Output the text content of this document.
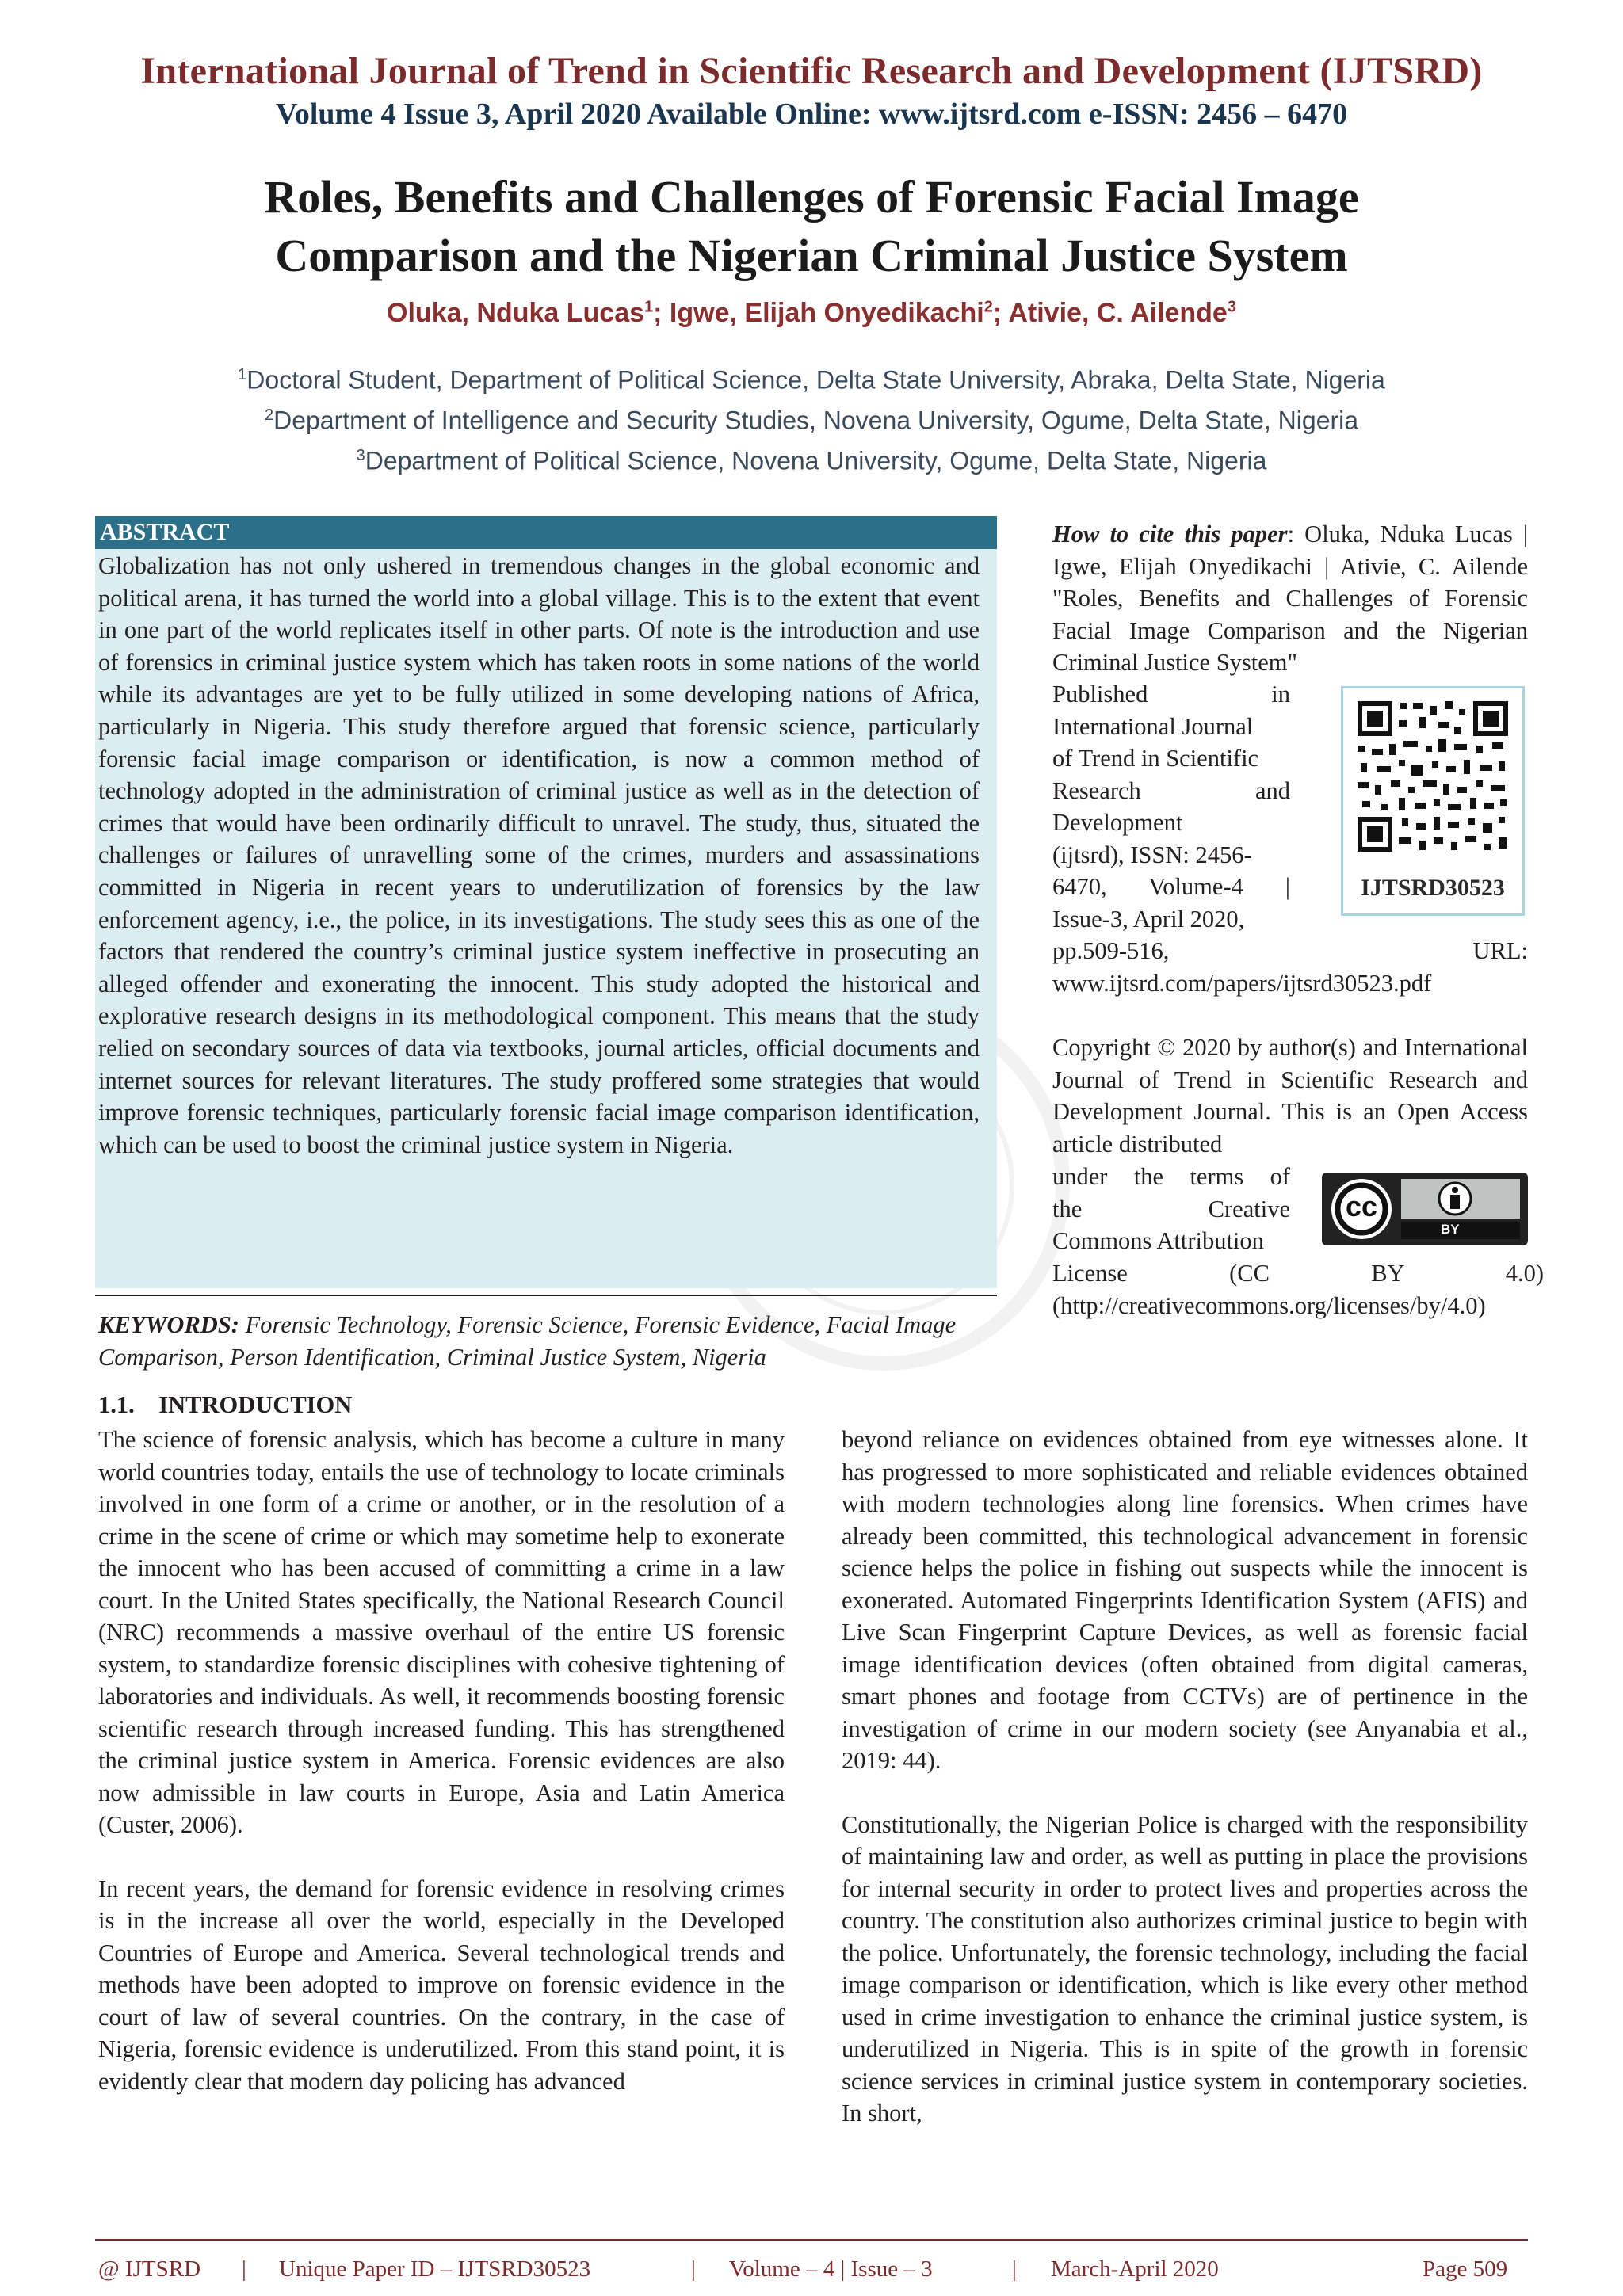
International Journal of Trend in Scientific Research and Development (IJTSRD)
Volume 4 Issue 3, April 2020 Available Online: www.ijtsrd.com e-ISSN: 2456 – 6470
Roles, Benefits and Challenges of Forensic Facial Image
Comparison and the Nigerian Criminal Justice System
Oluka, Nduka Lucas$^1$; Igwe, Elijah Onyedikachi$^2$; Ativie, C. Ailende$^3$
$^1$Doctoral Student, Department of Political Science, Delta State University, Abraka, Delta State, Nigeria
$^2$Department of Intelligence and Security Studies, Novena University, Ogume, Delta State, Nigeria
$^3$Department of Political Science, Novena University, Ogume, Delta State, Nigeria
ABSTRACT
Globalization has not only ushered in tremendous changes in the global economic and political arena, it has turned the world into a global village. This is to the extent that event in one part of the world replicates itself in other parts. Of note is the introduction and use of forensics in criminal justice system which has taken roots in some nations of the world while its advantages are yet to be fully utilized in some developing nations of Africa, particularly in Nigeria. This study therefore argued that forensic science, particularly forensic facial image comparison or identification, is now a common method of technology adopted in the administration of criminal justice as well as in the detection of crimes that would have been ordinarily difficult to unravel. The study, thus, situated the challenges or failures of unravelling some of the crimes, murders and assassinations committed in Nigeria in recent years to underutilization of forensics by the law enforcement agency, i.e., the police, in its investigations. The study sees this as one of the factors that rendered the country’s criminal justice system ineffective in prosecuting an alleged offender and exonerating the innocent. This study adopted the historical and explorative research designs in its methodological component. This means that the study relied on secondary sources of data via textbooks, journal articles, official documents and internet sources for relevant literatures. The study proffered some strategies that would improve forensic techniques, particularly forensic facial image comparison identification, which can be used to boost the criminal justice system in Nigeria.
KEYWORDS: Forensic Technology, Forensic Science, Forensic Evidence, Facial Image Comparison, Person Identification, Criminal Justice System, Nigeria
How to cite this paper: Oluka, Nduka Lucas | Igwe, Elijah Onyedikachi | Ativie, C. Ailende "Roles, Benefits and Challenges of Forensic Facial Image Comparison and the Nigerian Criminal Justice System"
Published in
International Journal
of Trend in Scientific
Research and
Development
(ijtsrd), ISSN: 2456-
6470, Volume-4 |
Issue-3, April 2020,
pp.509-516, URL:
www.ijtsrd.com/papers/ijtsrd30523.pdf
IJTSRD30523
Copyright © 2020 by author(s) and International Journal of Trend in Scientific Research and Development Journal. This is an Open Access article distributed
under the terms of
the Creative
Commons Attribution
License (CC BY 4.0) (http://creativecommons.org/licenses/by/4.0)
cc
BY
1.1.    INTRODUCTION

The science of forensic analysis, which has become a culture in many world countries today, entails the use of technology to locate criminals involved in one form of a crime or another, or in the resolution of a crime in the scene of crime or which may sometime help to exonerate the innocent who has been accused of committing a crime in a law court. In the United States specifically, the National Research Council (NRC) recommends a massive overhaul of the entire US forensic system, to standardize forensic disciplines with cohesive tightening of laboratories and individuals. As well, it recommends boosting forensic scientific research through increased funding. This has strengthened the criminal justice system in America. Forensic evidences are also now admissible in law courts in Europe, Asia and Latin America (Custer, 2006).

In recent years, the demand for forensic evidence in resolving crimes is in the increase all over the world, especially in the Developed Countries of Europe and America. Several technological trends and methods have been adopted to improve on forensic evidence in the court of law of several countries. On the contrary, in the case of Nigeria, forensic evidence is underutilized. From this stand point, it is evidently clear that modern day policing has advanced

beyond reliance on evidences obtained from eye witnesses alone. It has progressed to more sophisticated and reliable evidences obtained with modern technologies along line forensics. When crimes have already been committed, this technological advancement in forensic science helps the police in fishing out suspects while the innocent is exonerated. Automated Fingerprints Identification System (AFIS) and Live Scan Fingerprint Capture Devices, as well as forensic facial image identification devices (often obtained from digital cameras, smart phones and footage from CCTVs) are of pertinence in the investigation of crime in our modern society (see Anyanabia et al., 2019: 44).

Constitutionally, the Nigerian Police is charged with the responsibility of maintaining law and order, as well as putting in place the provisions for internal security in order to protect lives and properties across the country. The constitution also authorizes criminal justice to begin with the police. Unfortunately, the forensic technology, including the facial image comparison or identification, which is like every other method used in crime investigation to enhance the criminal justice system, is underutilized in Nigeria. This is in spite of the growth in forensic science services in criminal justice system in contemporary societies. In short,

@ IJTSRD | Unique Paper ID – IJTSRD30523	| Volume – 4 | Issue – 3	| March-April 2020	Page 509
